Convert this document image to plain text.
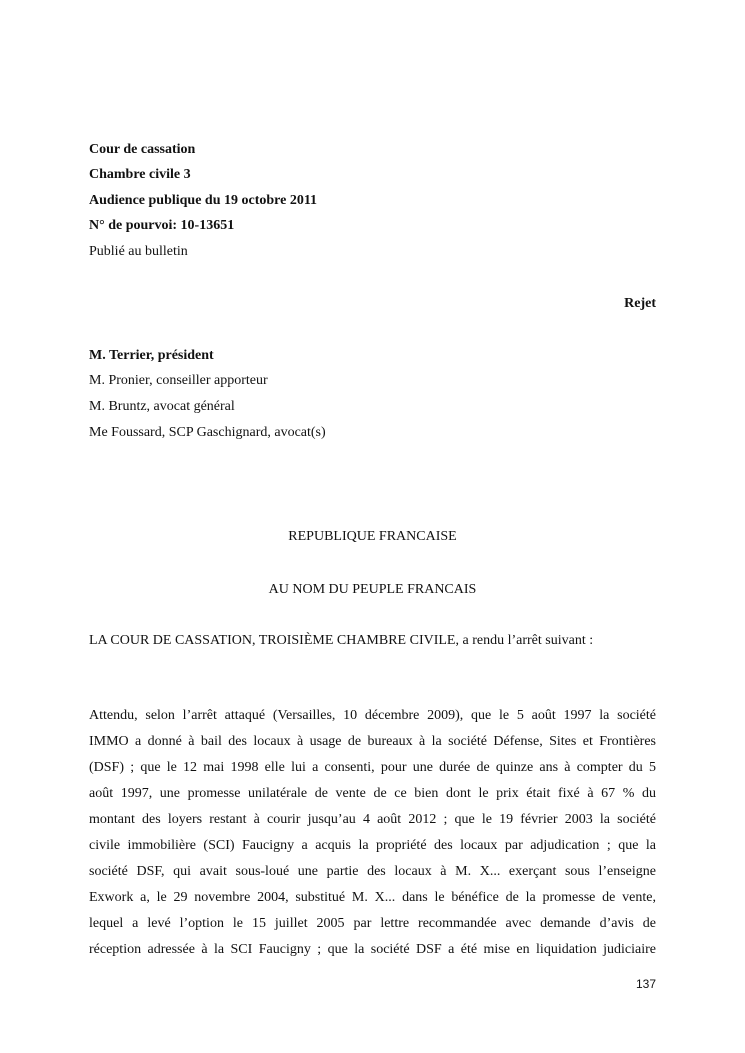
Cour de cassation
Chambre civile 3
Audience publique du 19 octobre 2011
N° de pourvoi: 10-13651
Publié au bulletin
Rejet
M. Terrier, président
M. Pronier, conseiller apporteur
M. Bruntz, avocat général
Me Foussard, SCP Gaschignard, avocat(s)
REPUBLIQUE FRANCAISE
AU NOM DU PEUPLE FRANCAIS
LA COUR DE CASSATION, TROISIÈME CHAMBRE CIVILE, a rendu l’arrêt suivant :
Attendu, selon l’arrêt attaqué (Versailles, 10 décembre 2009), que le 5 août 1997 la société
IMMO a donné à bail des locaux à usage de bureaux à la société Défense, Sites et Frontières
(DSF) ; que le 12 mai 1998 elle lui a consenti, pour une durée de quinze ans à compter du 5
août 1997, une promesse unilatérale de vente de ce bien dont le prix était fixé à 67 % du
montant des loyers restant à courir jusqu’au 4 août 2012 ; que le 19 février 2003 la société
civile immobilière (SCI) Faucigny a acquis la propriété des locaux par adjudication ; que la
société DSF, qui avait sous-loué une partie des locaux à M. X... exerçant sous l’enseigne
Exwork a, le 29 novembre 2004, substitué M. X... dans le bénéfice de la promesse de vente,
lequel a levé l’option le 15 juillet 2005 par lettre recommandée avec demande d’avis de
réception adressée à la SCI Faucigny ; que la société DSF a été mise en liquidation judiciaire
137
